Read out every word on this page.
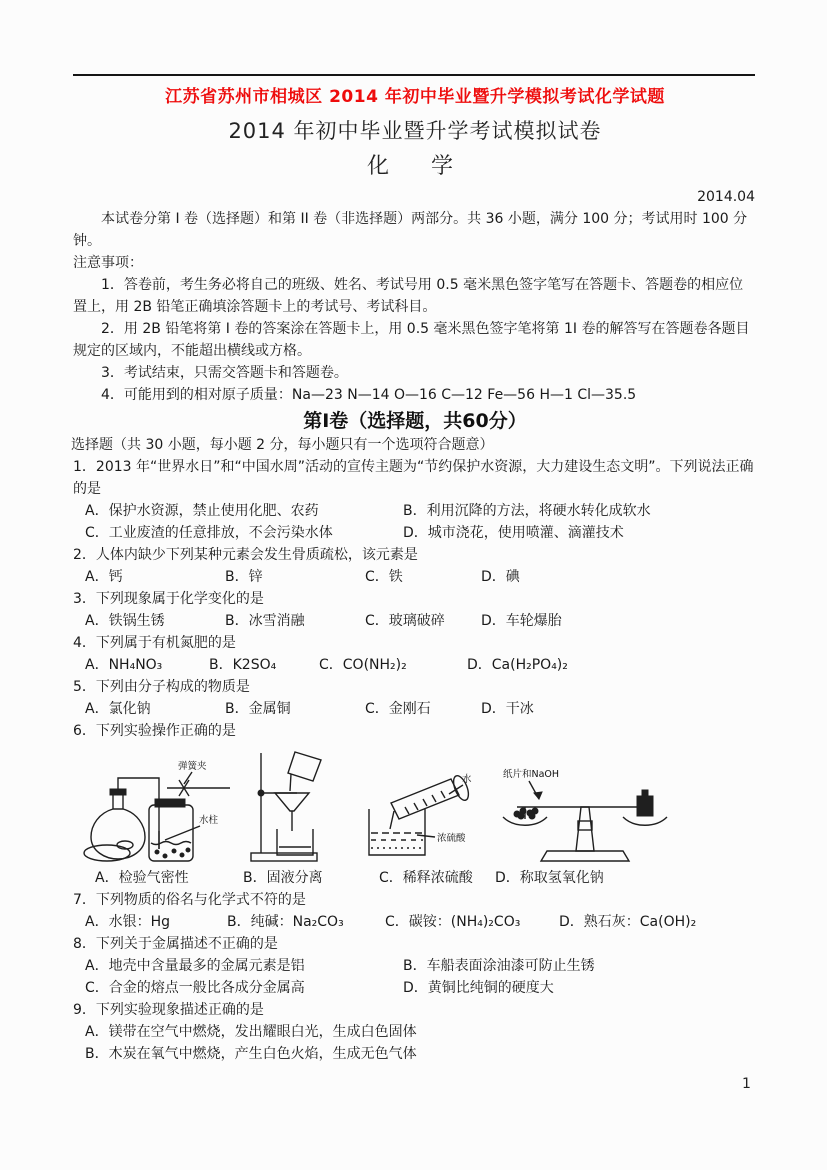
江苏省苏州市相城区 2014 年初中毕业暨升学模拟考试化学试题
2014 年初中毕业暨升学考试模拟试卷
化　学
2014.04

本试卷分第 I 卷（选择题）和第 II 卷（非选择题）两部分。共 36 小题，满分 100 分；考试用时 100 分钟。

注意事项：

1．答卷前，考生务必将自己的班级、姓名、考试号用 0.5 毫米黑色签字笔写在答题卡、答题卷的相应位置上，用 2B 铅笔正确填涂答题卡上的考试号、考试科目。

2．用 2B 铅笔将第 I 卷的答案涂在答题卡上，用 0.5 毫米黑色签字笔将第 1I 卷的解答写在答题卷各题目规定的区域内，不能超出横线或方格。

3．考试结束，只需交答题卡和答题卷。

4．可能用到的相对原子质量：Na—23 N—14 O—16 C—12 Fe—56 H—1 Cl—35.5

第I卷（选择题，共60分）

选择题（共 30 小题，每小题 2 分，每小题只有一个选项符合题意）

1．2013 年“世界水日”和“中国水周”活动的宣传主题为“节约保护水资源，大力建设生态文明”。下列说法正确的是
A．保护水资源，禁止使用化肥、农药	B．利用沉降的方法，将硬水转化成软水
C．工业废渣的任意排放，不会污染水体	D．城市浇花，使用喷灌、滴灌技术
2．人体内缺少下列某种元素会发生骨质疏松，该元素是
A．钙	B．锌	C．铁	D．碘
3．下列现象属于化学变化的是
A．铁锅生锈	B．冰雪消融	C．玻璃破碎	D．车轮爆胎
4．下列属于有机氮肥的是
A．NH₄NO₃	B．K2SO₄	C．CO(NH₂)₂	D．Ca(H₂PO₄)₂
5．下列由分子构成的物质是
A．氯化钠	B．金属铜	C．金刚石	D．干冰
6．下列实验操作正确的是
弹簧夹
水柱
水
浓硫酸
纸片和NaOH
A．检验气密性	B．固液分离	C．稀释浓硫酸	D．称取氢氧化钠
7．下列物质的俗名与化学式不符的是
A．水银：Hg	B．纯碱：Na₂CO₃	C．碳铵：(NH₄)₂CO₃	D．熟石灰：Ca(OH)₂
8．下列关于金属描述不正确的是
A．地壳中含量最多的金属元素是铝	B．车船表面涂油漆可防止生锈
C．合金的熔点一般比各成分金属高	D．黄铜比纯铜的硬度大
9．下列实验现象描述正确的是
A．镁带在空气中燃烧，发出耀眼白光，生成白色固体
B．木炭在氧气中燃烧，产生白色火焰，生成无色气体
1
